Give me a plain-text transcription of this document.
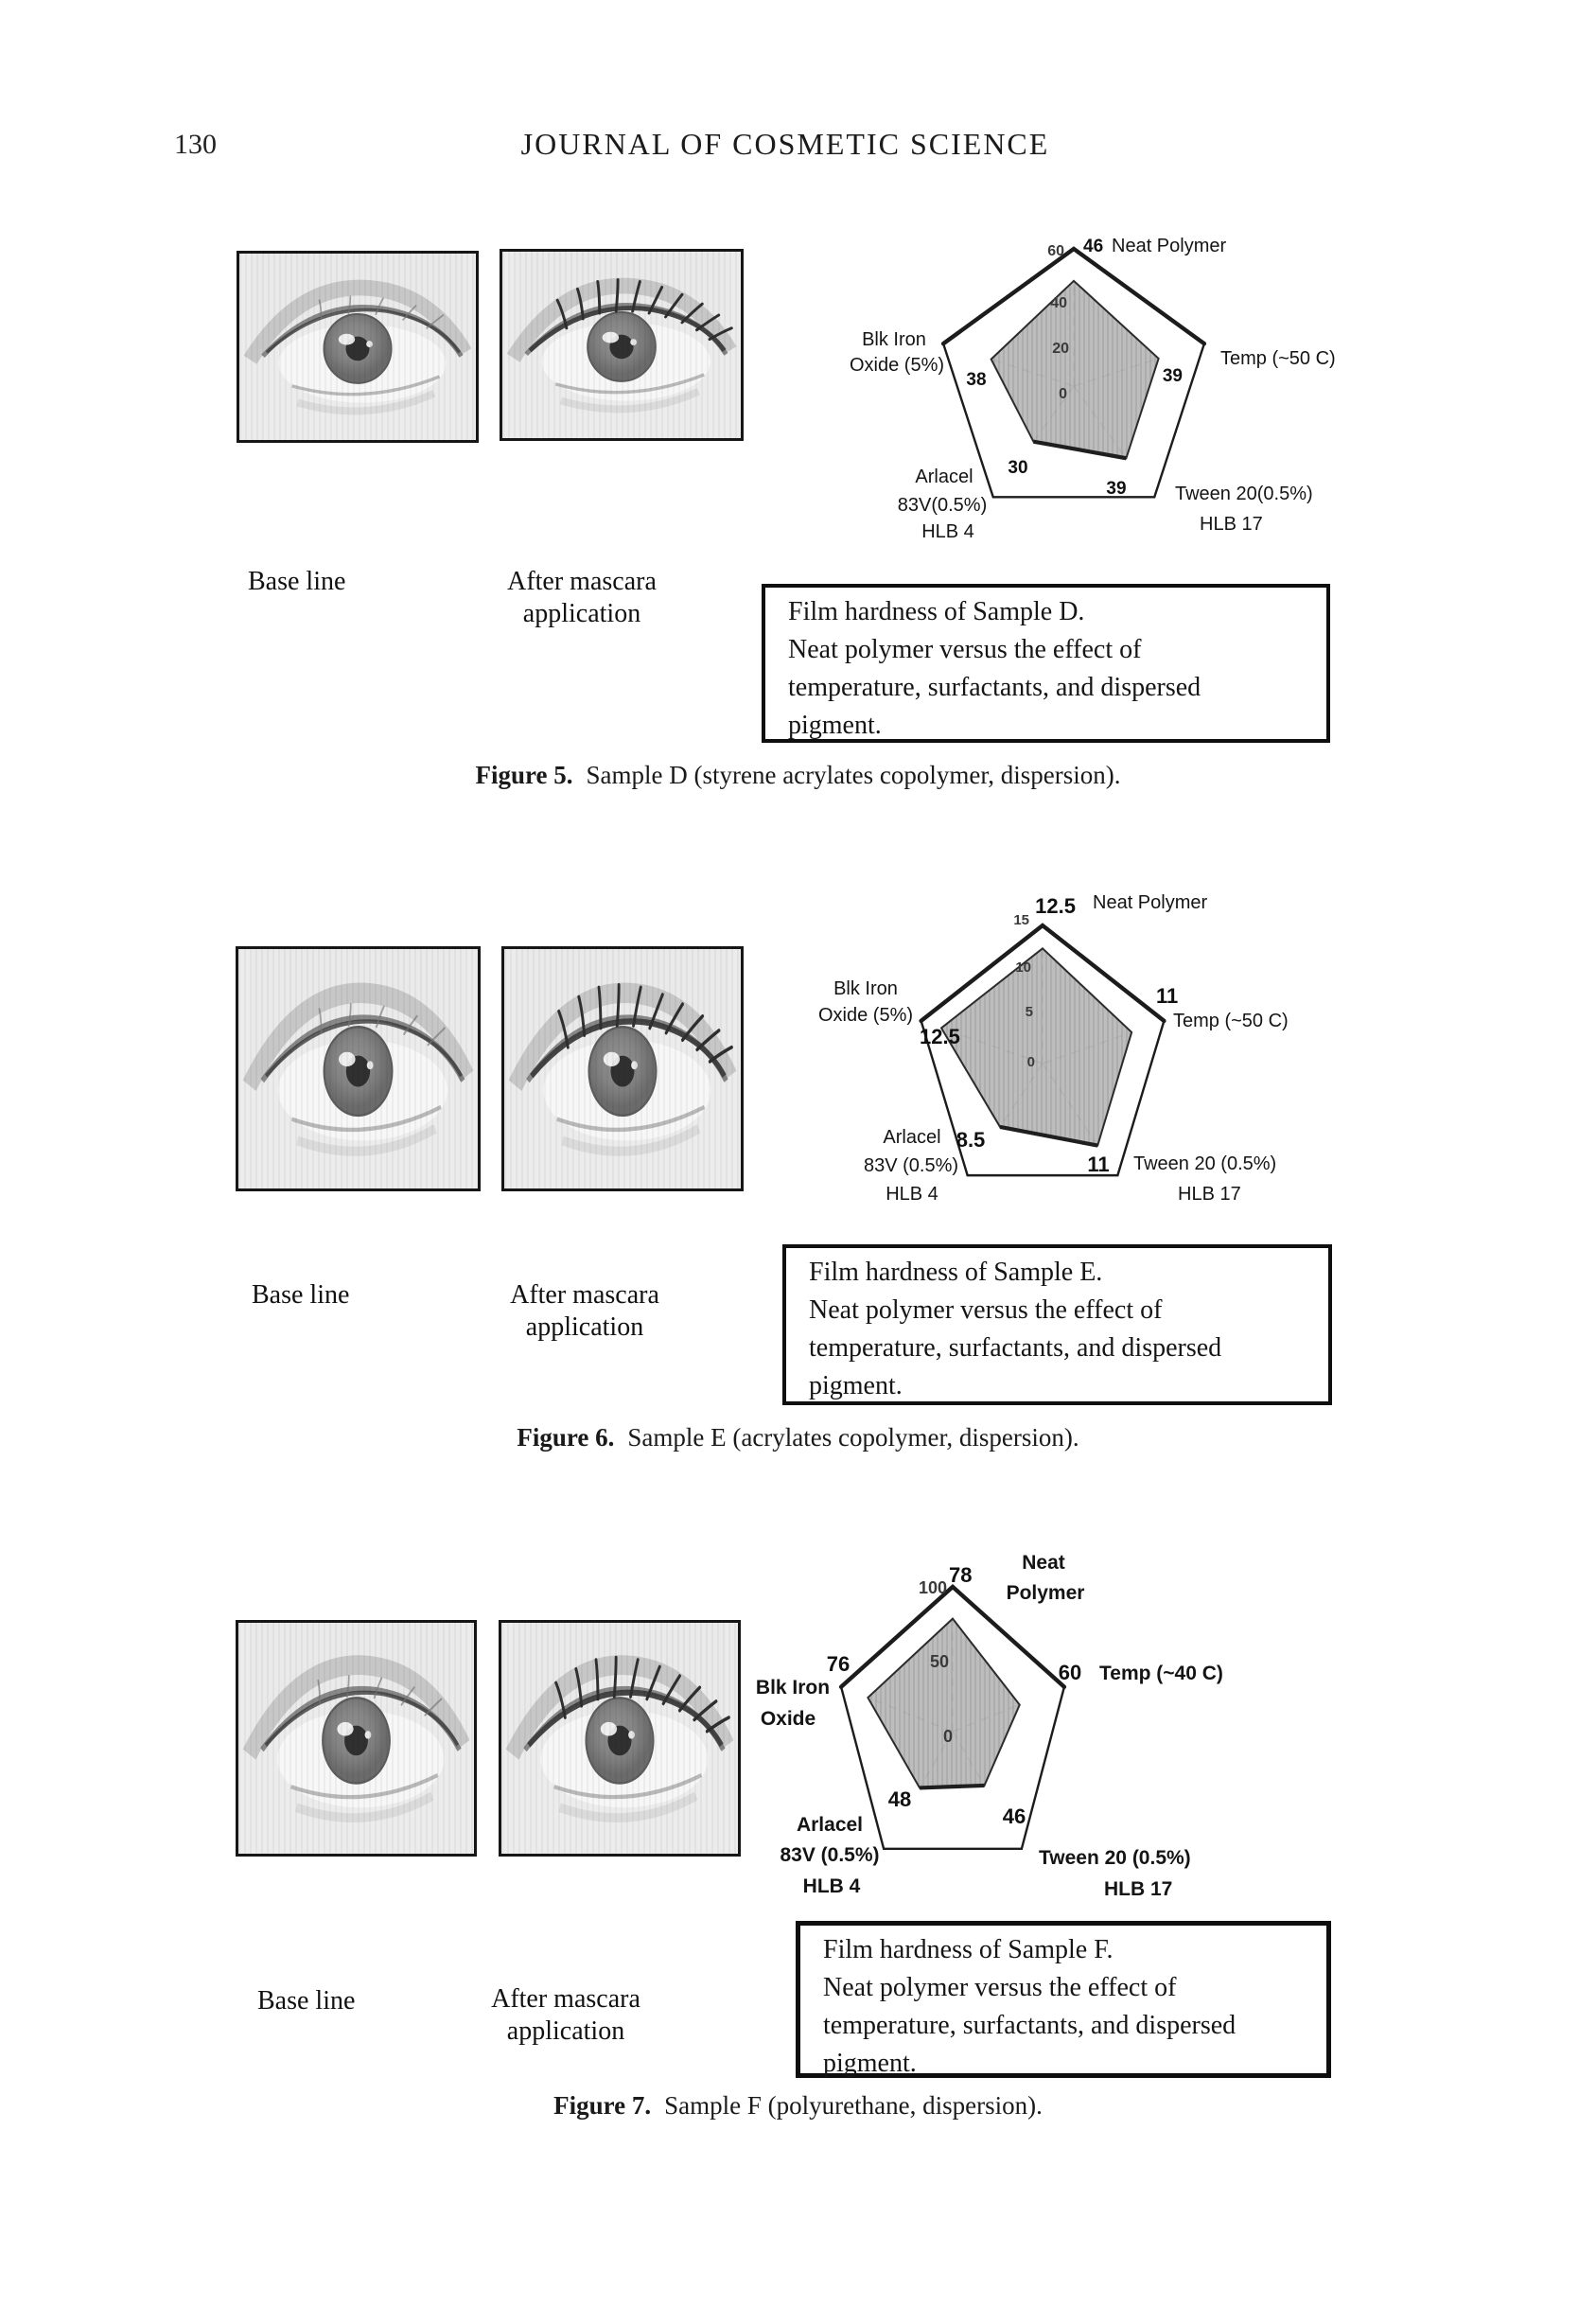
130	JOURNAL OF COSMETIC SCIENCE
Base line	After mascara
application
0
20
40
60 46 Neat Polymer
39
Temp (~50 C)
39	Tween 20(0.5%)
HLB 17
30
Arlacel
83V(0.5%)
HLB 4
38
Blk Iron
Oxide (5%)
Film hardness of Sample D.
Neat polymer versus the effect of
temperature, surfactants, and dispersed
pigment.
Figure 5. Sample D (styrene acrylates copolymer, dispersion).
Base line	After mascara
application
0
5
10
15
12.5 Neat Polymer
11
Temp (~50 C)
11 Tween 20 (0.5%)
HLB 17
8.5
Arlacel
83V (0.5%)
HLB 4
12.5
Blk Iron
Oxide (5%)
Film hardness of Sample E.
Neat polymer versus the effect of
temperature, surfactants, and dispersed
pigment.
Figure 6. Sample E (acrylates copolymer, dispersion).
Base line	After mascara
application
0
50
100
78
Neat
Polymer
60 Temp (~40 C)
46
Tween 20 (0.5%)
HLB 17
48
Arlacel
83V (0.5%)
HLB 4
76
Blk Iron
Oxide
Film hardness of Sample F.
Neat polymer versus the effect of
temperature, surfactants, and dispersed
pigment.
Figure 7. Sample F (polyurethane, dispersion).
